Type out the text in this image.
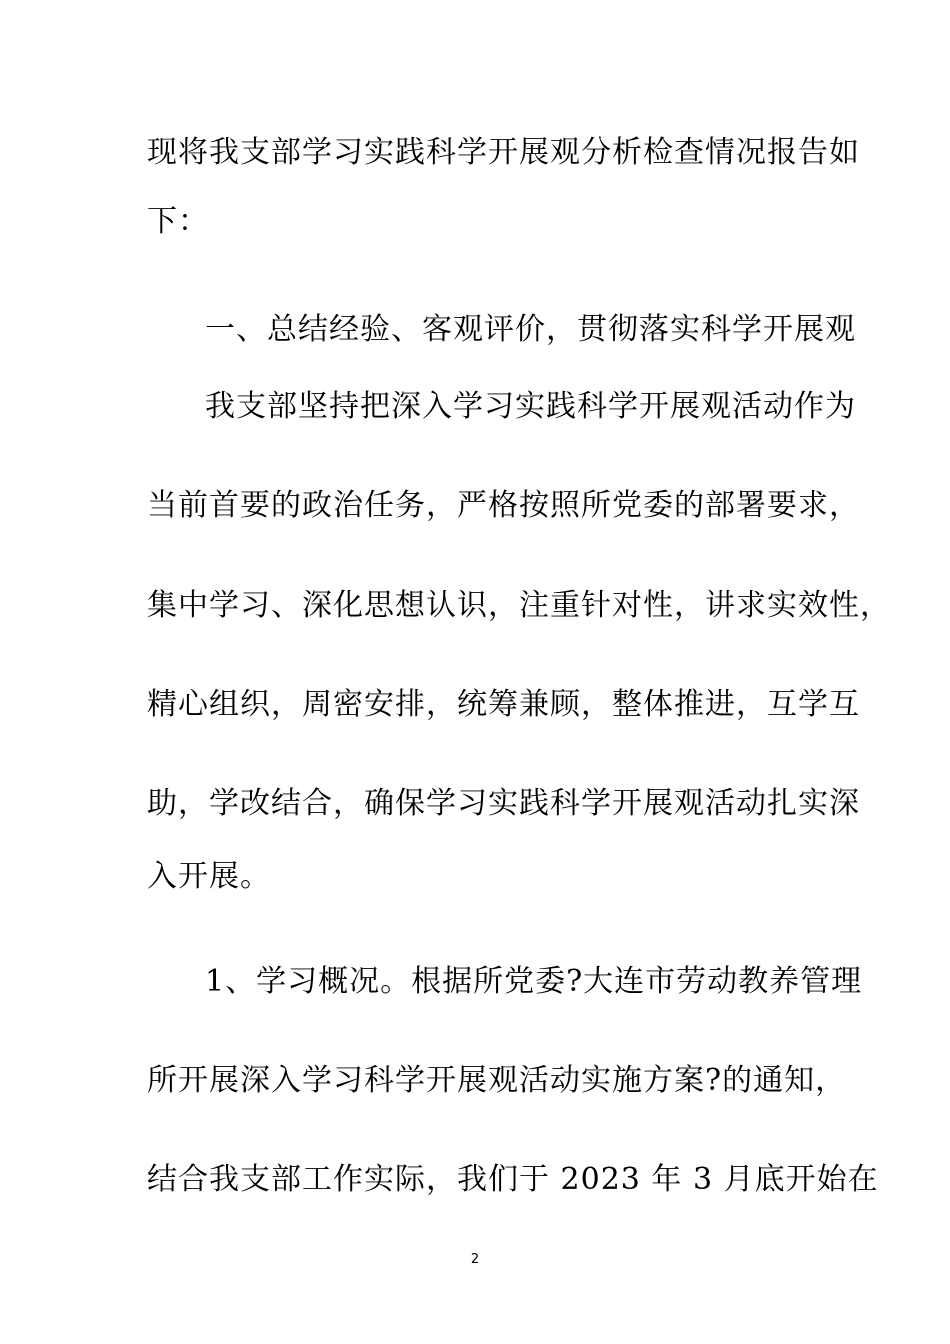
现将我支部学习实践科学开展观分析检查情况报告如
下：
一、总结经验、客观评价，贯彻落实科学开展观
我支部坚持把深入学习实践科学开展观活动作为
当前首要的政治任务，严格按照所党委的部署要求，
集中学习、深化思想认识，注重针对性，讲求实效性，
精心组织，周密安排，统筹兼顾，整体推进，互学互
助，学改结合，确保学习实践科学开展观活动扎实深
入开展。
1、学习概况。根据所党委?大连市劳动教养管理
所开展深入学习科学开展观活动实施方案?的通知，
结合我支部工作实际，我们于 2023 年 3 月底开始在
2
